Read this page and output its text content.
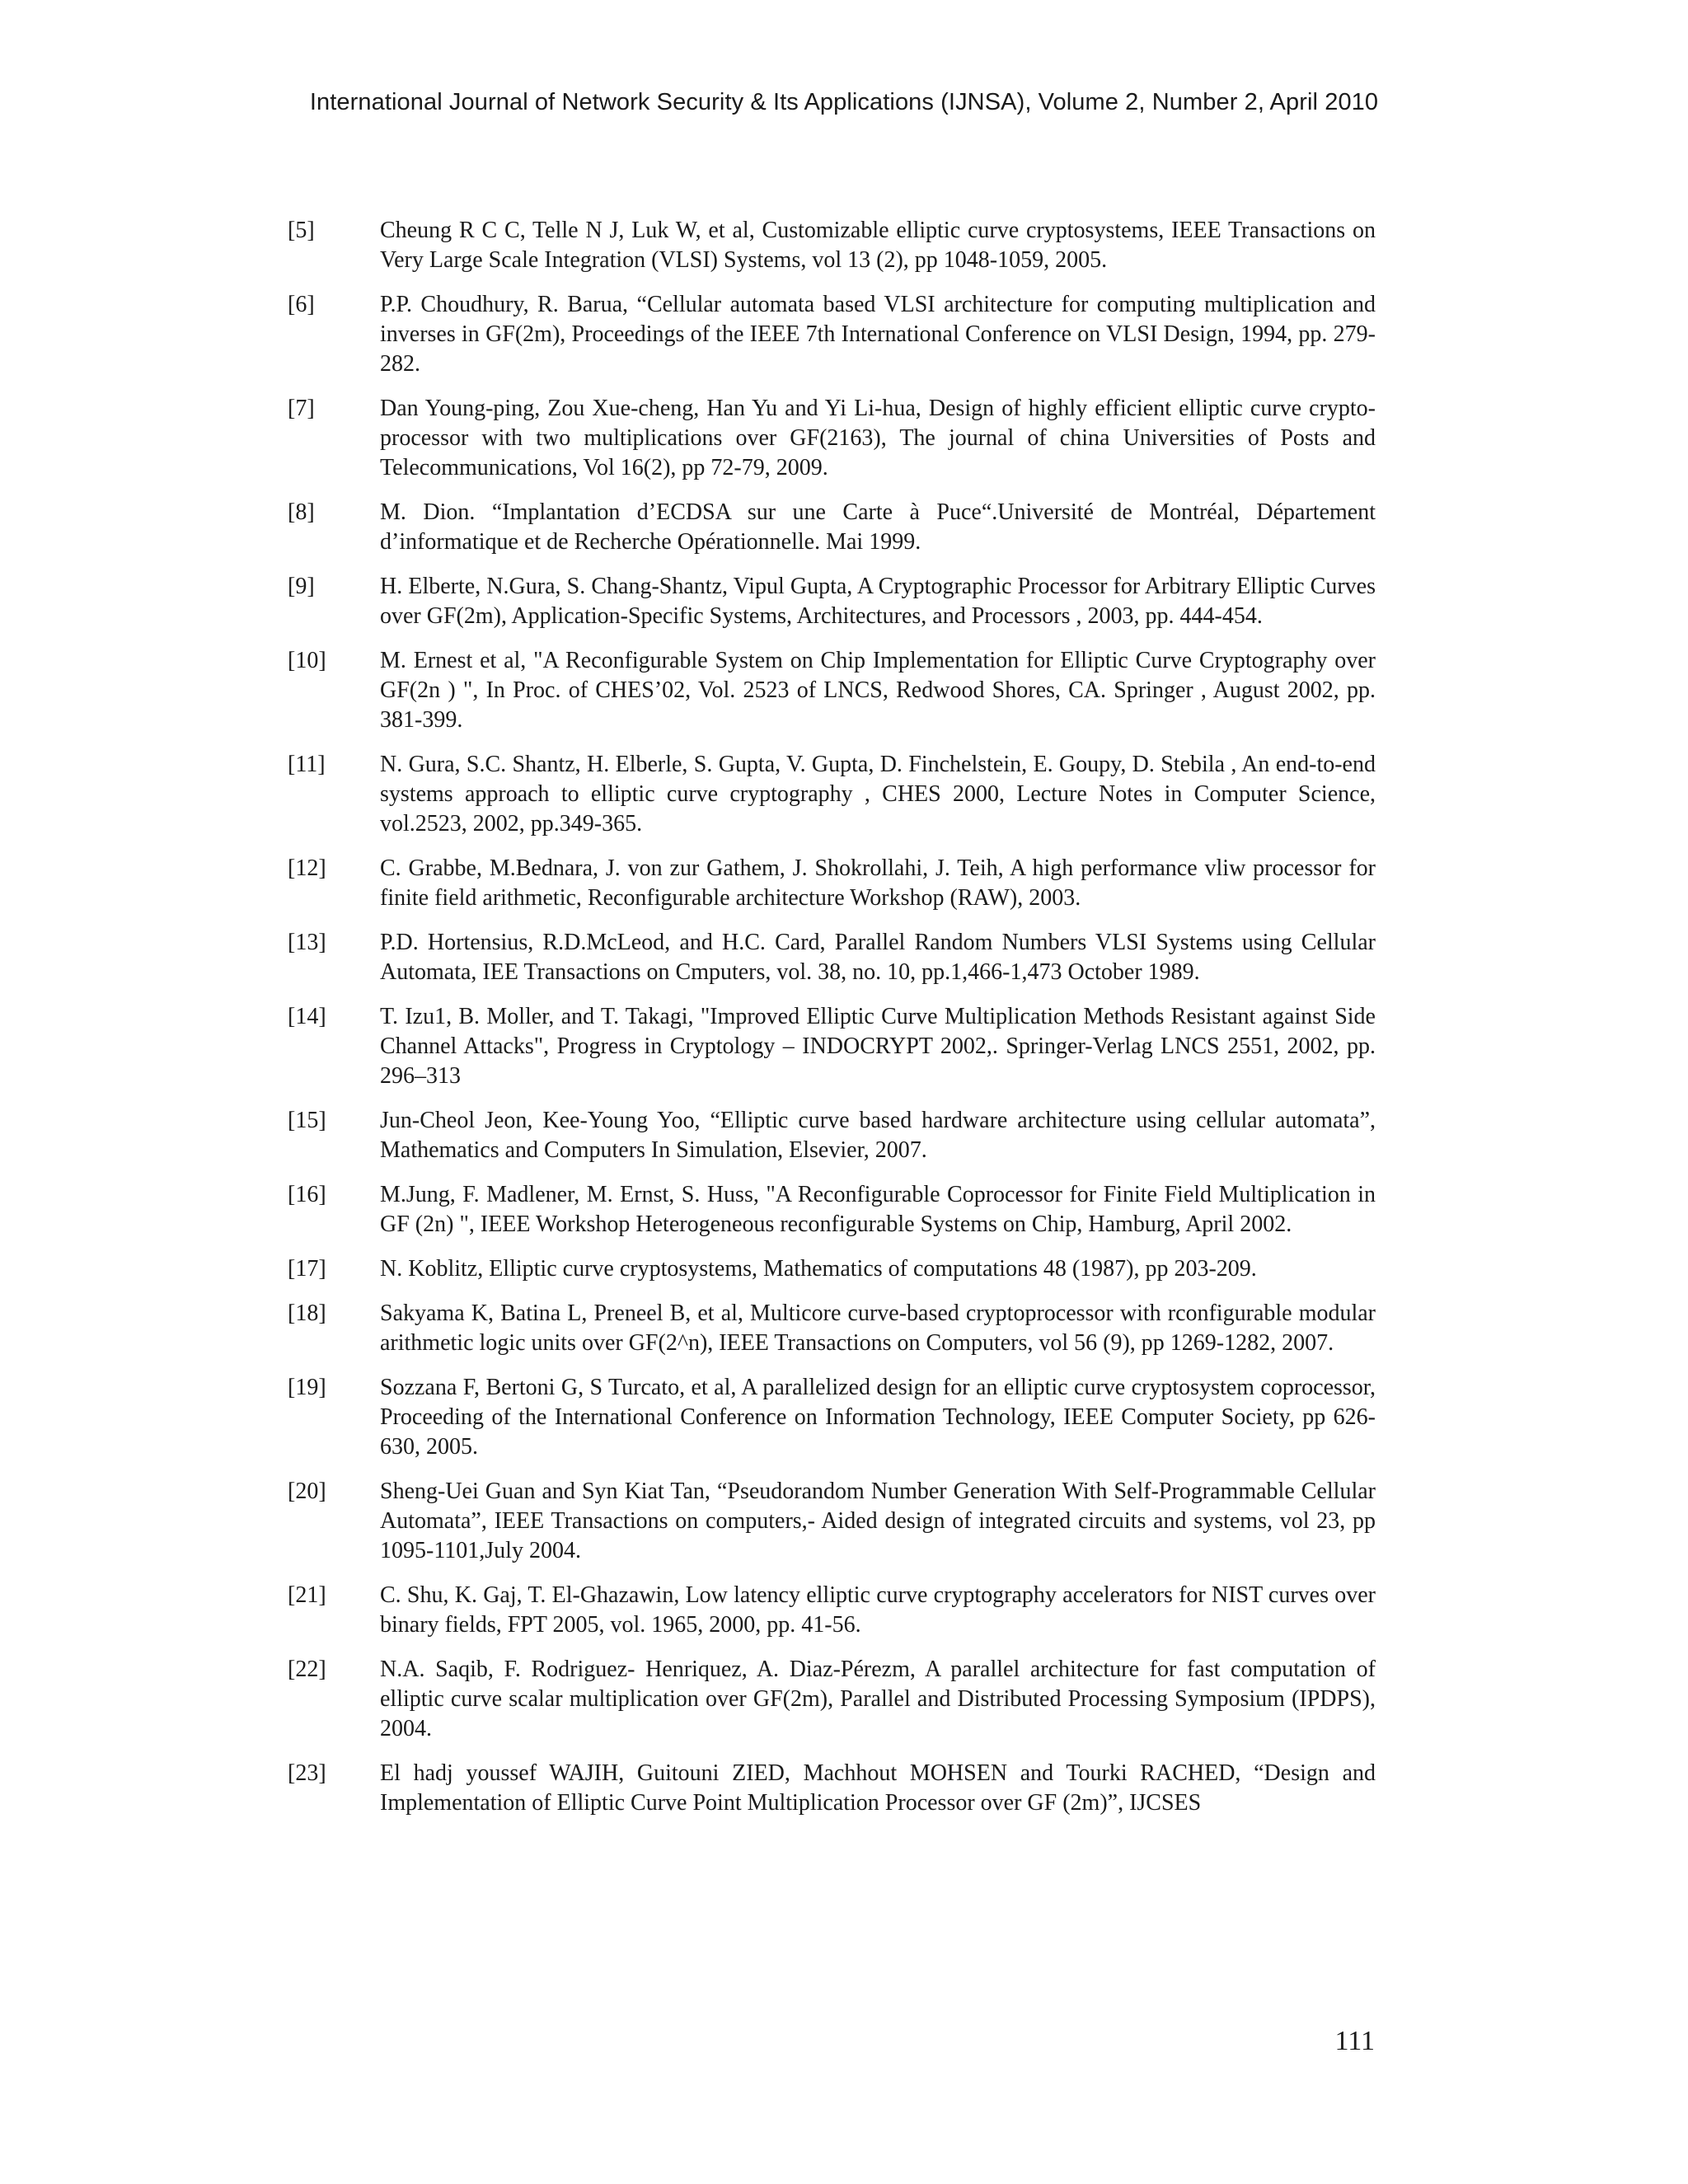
International Journal of Network Security & Its Applications (IJNSA), Volume 2, Number 2, April 2010
[5]	Cheung R C C, Telle N J, Luk W, et al, Customizable elliptic curve cryptosystems, IEEE Transactions on Very Large Scale Integration (VLSI) Systems, vol 13 (2), pp 1048-1059, 2005.
[6]	P.P. Choudhury, R. Barua, “Cellular automata based VLSI architecture for computing multiplication and inverses in GF(2m), Proceedings of the IEEE 7th International Conference on VLSI Design, 1994, pp. 279-282.
[7]	Dan Young-ping, Zou Xue-cheng, Han Yu and Yi Li-hua, Design of highly efficient elliptic curve crypto-processor with two multiplications over GF(2163), The journal of china Universities of Posts and Telecommunications, Vol 16(2), pp 72-79, 2009.
[8]	M. Dion. “Implantation d’ECDSA sur une Carte à Puce“.Université de Montréal, Département d’informatique et de Recherche Opérationnelle. Mai 1999.
[9]	H. Elberte, N.Gura, S. Chang-Shantz, Vipul Gupta, A Cryptographic Processor for Arbitrary Elliptic Curves over GF(2m), Application-Specific Systems, Architectures, and Processors , 2003, pp. 444-454.
[10] M. Ernest et al, "A Reconfigurable System on Chip Implementation for Elliptic Curve Cryptography over GF(2n ) ", In Proc. of CHES’02, Vol. 2523 of LNCS, Redwood Shores, CA. Springer , August 2002, pp. 381-399.
[11] N. Gura, S.C. Shantz, H. Elberle, S. Gupta, V. Gupta, D. Finchelstein, E. Goupy, D. Stebila , An end-to-end systems approach to elliptic curve cryptography , CHES 2000, Lecture Notes in Computer Science, vol.2523, 2002, pp.349-365.
[12] C. Grabbe, M.Bednara, J. von zur Gathem, J. Shokrollahi, J. Teih, A high performance vliw processor for finite field arithmetic, Reconfigurable architecture Workshop (RAW), 2003.
[13] P.D. Hortensius, R.D.McLeod, and H.C. Card, Parallel Random Numbers VLSI Systems using Cellular Automata, IEE Transactions on Cmputers, vol. 38, no. 10, pp.1,466-1,473 October 1989.
[14] T. Izu1, B. Moller, and T. Takagi, "Improved Elliptic Curve Multiplication Methods Resistant against Side Channel Attacks", Progress in Cryptology – INDOCRYPT 2002,. Springer-Verlag LNCS 2551, 2002, pp. 296–313
[15] Jun-Cheol Jeon, Kee-Young Yoo, “Elliptic curve based hardware architecture using cellular automata”, Mathematics and Computers In Simulation, Elsevier, 2007.
[16] M.Jung, F. Madlener, M. Ernst, S. Huss, "A Reconfigurable Coprocessor for Finite Field Multiplication in GF (2n) ", IEEE Workshop Heterogeneous reconfigurable Systems on Chip, Hamburg, April 2002.
[17] N. Koblitz, Elliptic curve cryptosystems, Mathematics of computations 48 (1987), pp 203-209.
[18] Sakyama K, Batina L, Preneel B, et al, Multicore curve-based cryptoprocessor with rconfigurable modular arithmetic logic units over GF(2^n), IEEE Transactions on Computers, vol 56 (9), pp 1269-1282, 2007.
[19] Sozzana F, Bertoni G, S Turcato, et al, A parallelized design for an elliptic curve cryptosystem coprocessor, Proceeding of the International Conference on Information Technology, IEEE Computer Society, pp 626-630, 2005.
[20] Sheng-Uei Guan and Syn Kiat Tan, “Pseudorandom Number Generation With Self-Programmable Cellular Automata”, IEEE Transactions on computers,- Aided design of integrated circuits and systems, vol 23, pp 1095-1101,July 2004.
[21] C. Shu, K. Gaj, T. El-Ghazawin, Low latency elliptic curve cryptography accelerators for NIST curves over binary fields, FPT 2005, vol. 1965, 2000, pp. 41-56.
[22] N.A. Saqib, F. Rodriguez- Henriquez, A. Diaz-Pérezm, A parallel architecture for fast computation of elliptic curve scalar multiplication over GF(2m), Parallel and Distributed Processing Symposium (IPDPS), 2004.
[23] El hadj youssef WAJIH, Guitouni ZIED, Machhout MOHSEN and Tourki RACHED, “Design and Implementation of Elliptic Curve Point Multiplication Processor over GF (2m)”, IJCSES
111
